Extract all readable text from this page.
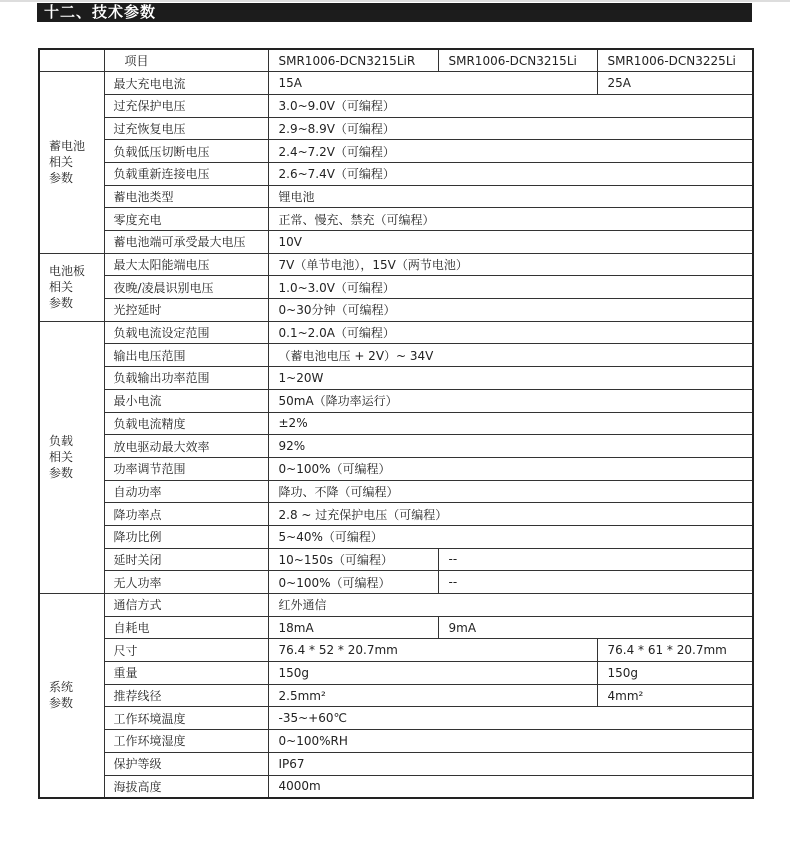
十二、技术参数
	项目	SMR1006-DCN3215LiR	SMR1006-DCN3215Li	SMR1006-DCN3225Li
蓄电池
相关
参数	最大充电电流	15A		25A
	过充保护电压	3.0~9.0V（可编程）		
	过充恢复电压	2.9~8.9V（可编程）		
	负载低压切断电压	2.4~7.2V（可编程）		
	负载重新连接电压	2.6~7.4V（可编程）		
	蓄电池类型	锂电池		
	零度充电	正常、慢充、禁充（可编程）		
	蓄电池端可承受最大电压	10V		
电池板
相关
参数	最大太阳能端电压	7V（单节电池），15V（两节电池）		
	夜晚/凌晨识别电压	1.0~3.0V（可编程）		
	光控延时	0~30分钟（可编程）		
负载
相关
参数	负载电流设定范围	0.1~2.0A（可编程）		
	输出电压范围	（蓄电池电压 + 2V）~ 34V		
	负载输出功率范围	1~20W		
	最小电流	50mA（降功率运行）		
	负载电流精度	±2%		
	放电驱动最大效率	92%		
	功率调节范围	0~100%（可编程）		
	自动功率	降功、不降（可编程）		
	降功率点	2.8 ~ 过充保护电压（可编程）		
	降功比例	5~40%（可编程）		
	延时关闭	10~150s（可编程）	--	
	无人功率	0~100%（可编程）	--	
系统
参数	通信方式	红外通信		
	自耗电	18mA	9mA	
	尺寸	76.4 * 52 * 20.7mm		76.4 * 61 * 20.7mm
	重量	150g		150g
	推荐线径	2.5mm²		4mm²
	工作环境温度	-35~+60℃		
	工作环境湿度	0~100%RH		
	保护等级	IP67		
	海拔高度	4000m		
